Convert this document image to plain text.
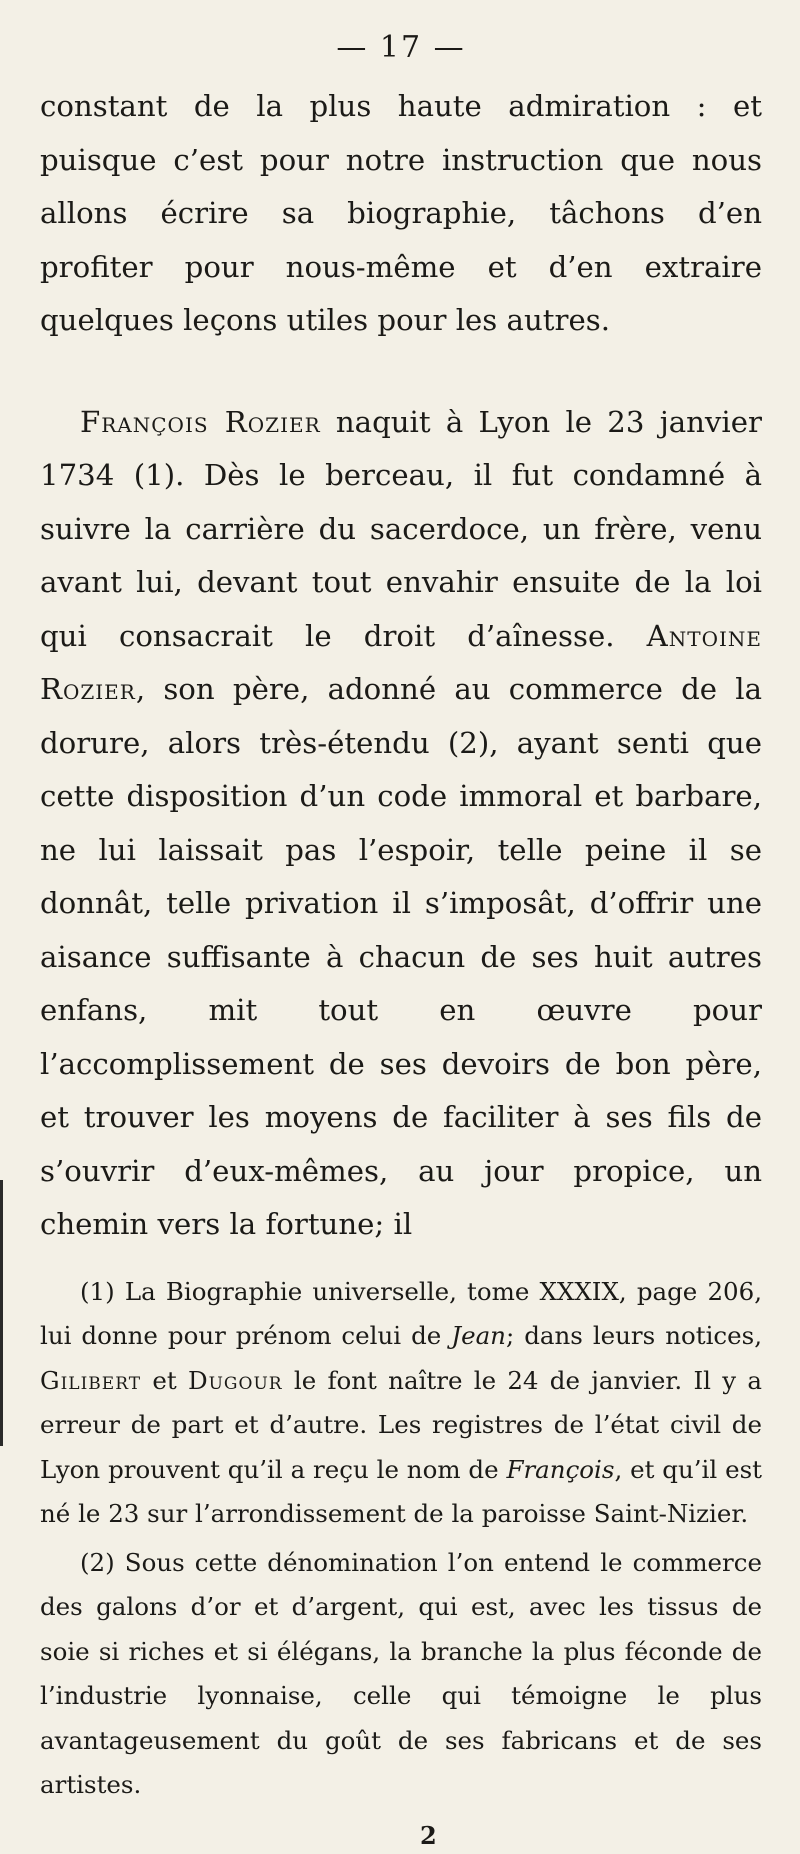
— 17 —

constant de la plus haute admiration : et puisque c’est pour notre instruction que nous allons écrire sa biographie, tâchons d’en profiter pour nous-même et d’en extraire quelques leçons utiles pour les autres.

François Rozier naquit à Lyon le 23 janvier 1734 (1). Dès le berceau, il fut condamné à suivre la carrière du sacerdoce, un frère, venu avant lui, devant tout envahir ensuite de la loi qui consacrait le droit d’aînesse. Antoine Rozier, son père, adonné au commerce de la dorure, alors très-étendu (2), ayant senti que cette disposition d’un code immoral et barbare, ne lui laissait pas l’espoir, telle peine il se donnât, telle privation il s’imposât, d’offrir une aisance suffisante à chacun de ses huit autres enfans, mit tout en œuvre pour l’accomplissement de ses devoirs de bon père, et trouver les moyens de faciliter à ses fils de s’ouvrir d’eux-mêmes, au jour propice, un chemin vers la fortune; il

(1) La Biographie universelle, tome XXXIX, page 206, lui donne pour prénom celui de Jean; dans leurs notices, Gilibert et Dugour le font naître le 24 de janvier. Il y a erreur de part et d’autre. Les registres de l’état civil de Lyon prouvent qu’il a reçu le nom de François, et qu’il est né le 23 sur l’arrondissement de la paroisse Saint-Nizier.

(2) Sous cette dénomination l’on entend le commerce des galons d’or et d’argent, qui est, avec les tissus de soie si riches et si élégans, la branche la plus féconde de l’industrie lyonnaise, celle qui témoigne le plus avantageusement du goût de ses fabricans et de ses artistes.

2
